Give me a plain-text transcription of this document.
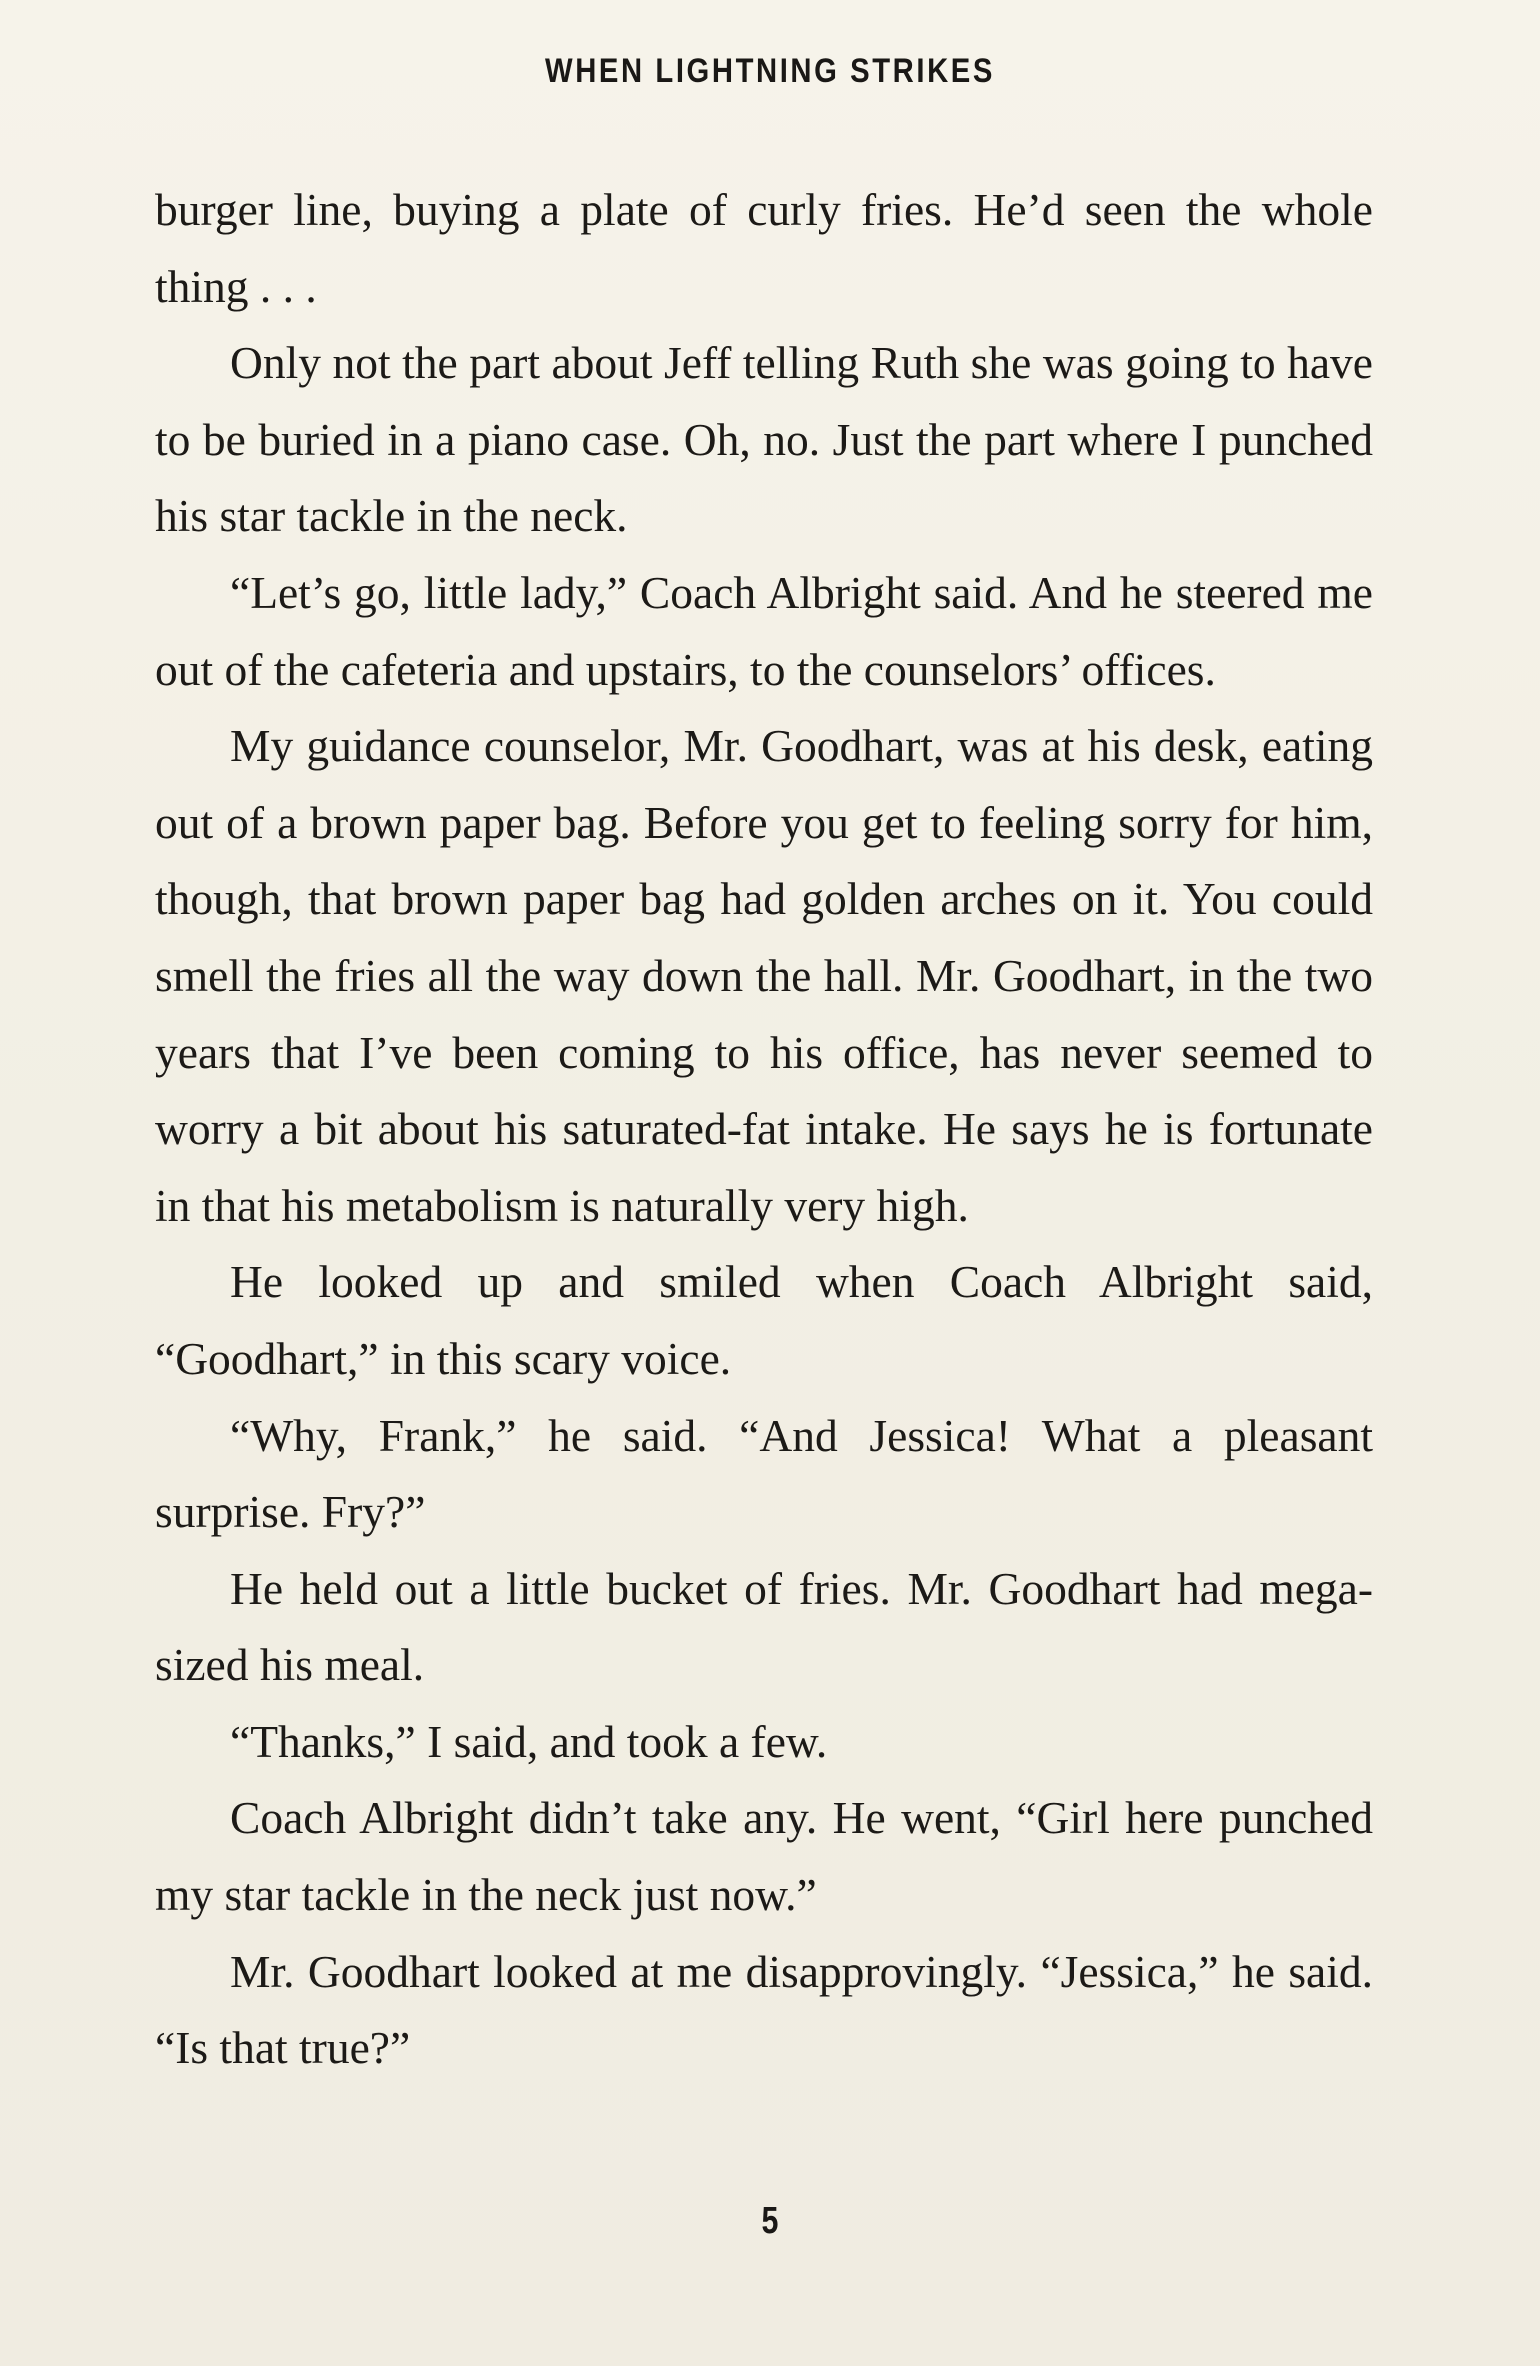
WHEN LIGHTNING STRIKES

burger line, buying a plate of curly fries. He’d seen the whole thing . . .

Only not the part about Jeff telling Ruth she was going to have to be buried in a piano case. Oh, no. Just the part where I punched his star tackle in the neck.

“Let’s go, little lady,” Coach Albright said. And he steered me out of the cafeteria and upstairs, to the counselors’ offices.

My guidance counselor, Mr. Goodhart, was at his desk, eating out of a brown paper bag. Before you get to feeling sorry for him, though, that brown paper bag had golden arches on it. You could smell the fries all the way down the hall. Mr. Goodhart, in the two years that I’ve been coming to his office, has never seemed to worry a bit about his saturated-fat intake. He says he is fortunate in that his metabolism is naturally very high.

He looked up and smiled when Coach Albright said, “Goodhart,” in this scary voice.

“Why, Frank,” he said. “And Jessica! What a pleasant surprise. Fry?”

He held out a little bucket of fries. Mr. Goodhart had mega-sized his meal.

“Thanks,” I said, and took a few.

Coach Albright didn’t take any. He went, “Girl here punched my star tackle in the neck just now.”

Mr. Goodhart looked at me disapprovingly. “Jessica,” he said. “Is that true?”

5
